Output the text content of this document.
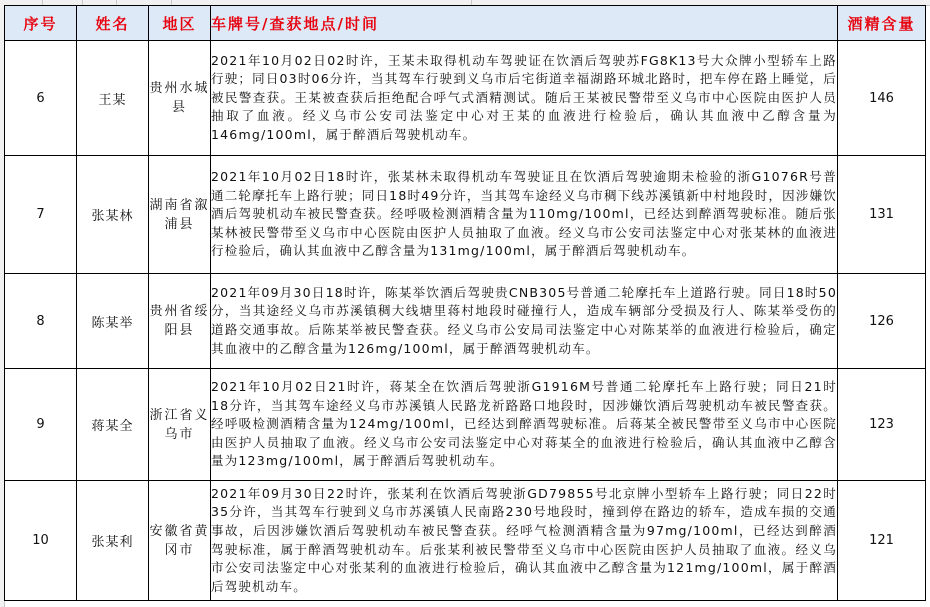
序号	姓名	地区	车牌号/查获地点/时间	酒精含量
6	王某	贵州水城县	2021年10月02日02时许，王某未取得机动车驾驶证在饮酒后驾驶苏FG8K13号大众牌小型轿车上路行驶；同日03时06分许，当其驾车行驶到义乌市后宅街道幸福湖路环城北路时，把车停在路上睡觉，后被民警查获。王某被查获后拒绝配合呼气式酒精测试。随后王某被民警带至义乌市中心医院由医护人员抽取了血液。经义乌市公安司法鉴定中心对王某的血液进行检验后，确认其血液中乙醇含量为146mg/100ml，属于醉酒后驾驶机动车。	146
7	张某林	湖南省溆浦县	2021年10月02日18时许，张某林未取得机动车驾驶证且在饮酒后驾驶逾期未检验的浙G1076R号普通二轮摩托车上路行驶；同日18时49分许，当其驾车途经义乌市稠下线苏溪镇新中村地段时，因涉嫌饮酒后驾驶机动车被民警查获。经呼吸检测酒精含量为110mg/100ml，已经达到醉酒驾驶标准。随后张某林被民警带至义乌市中心医院由医护人员抽取了血液。经义乌市公安司法鉴定中心对张某林的血液进行检验后，确认其血液中乙醇含量为131mg/100ml，属于醉酒后驾驶机动车。	131
8	陈某举	贵州省绥阳县	2021年09月30日18时许，陈某举饮酒后驾驶贵CNB305号普通二轮摩托车上道路行驶。同日18时50分，当其途经义乌市苏溪镇稠大线塘里蒋村地段时碰撞行人，造成车辆部分受损及行人、陈某举受伤的道路交通事故。后陈某举被民警查获。经义乌市公安局司法鉴定中心对陈某举的血液进行检验后，确定其血液中的乙醇含量为126mg/100ml，属于醉酒驾驶机动车。	126
9	蒋某全	浙江省义乌市	2021年10月02日21时许，蒋某全在饮酒后驾驶浙G1916M号普通二轮摩托车上路行驶；同日21时18分许，当其驾车途经义乌市苏溪镇人民路龙祈路路口地段时，因涉嫌饮酒后驾驶机动车被民警查获。经呼吸检测酒精含量为124mg/100ml，已经达到醉酒驾驶标准。后蒋某全被民警带至义乌市中心医院由医护人员抽取了血液。经义乌市公安司法鉴定中心对蒋某全的血液进行检验后，确认其血液中乙醇含量为123mg/100ml，属于醉酒后驾驶机动车。	123
10	张某利	安徽省黄冈市	2021年09月30日22时许，张某利在饮酒后驾驶浙GD79855号北京牌小型轿车上路行驶；同日22时35分许，当其驾车行驶到义乌市苏溪镇人民南路230号地段时，撞到停在路边的轿车，造成车损的交通事故，后因涉嫌饮酒后驾驶机动车被民警查获。经呼气检测酒精含量为97mg/100ml，已经达到醉酒驾驶标准，属于醉酒驾驶机动车。后张某利被民警带至义乌市中心医院由医护人员抽取了血液。经义乌市公安司法鉴定中心对张某利的血液进行检验后，确认其血液中乙醇含量为121mg/100ml，属于醉酒后驾驶机动车。	121
